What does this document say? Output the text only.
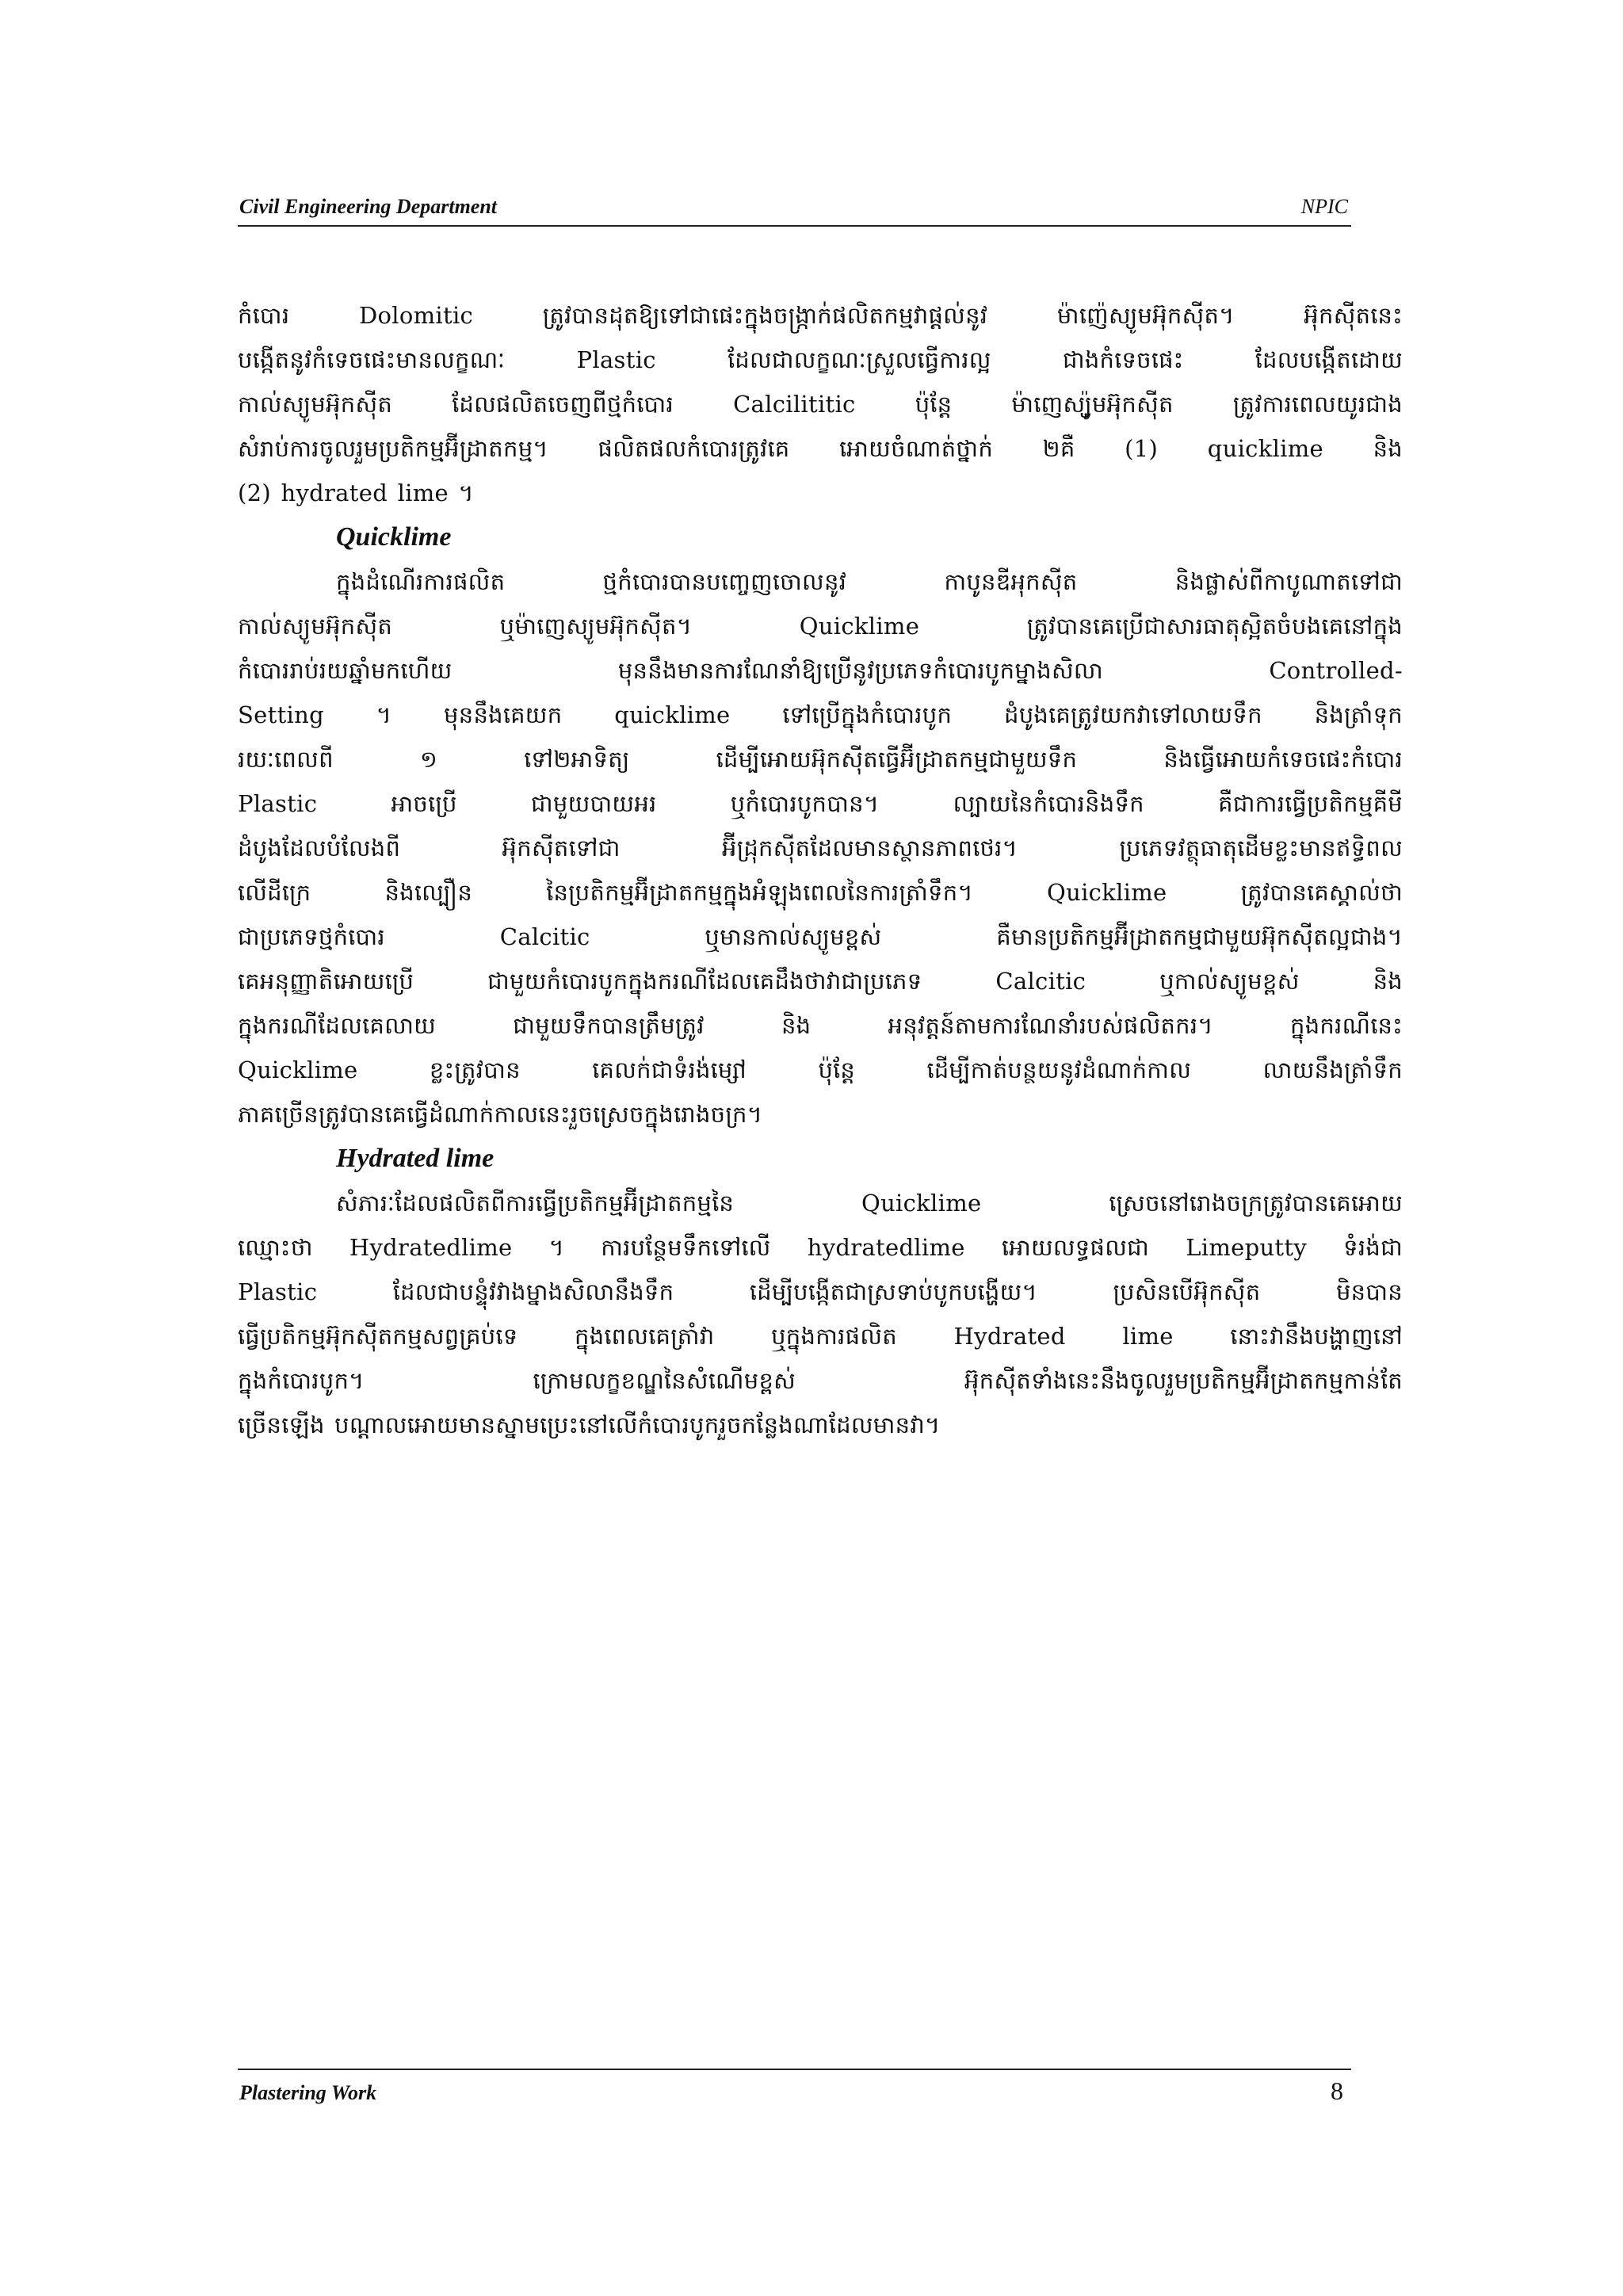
Civil Engineering Department	NPIC
កំបោរ Dolomitic ត្រូវបានដុតឱ្យទៅជាផេះក្នុងចង្ក្រាក់ផលិតកម្មវាផ្តល់នូវ ម៉ាញ៉េស្យូមអ៊ុកស៊ីត។ អ៊ុកស៊ីតនេះ
បង្កើតនូវកំទេចផេះមានលក្ខណៈ Plastic ដែលជាលក្ខណៈស្រួលធ្វើការល្អ ជាងកំទេចផេះ ដែលបង្កើតដោយ
កាល់ស្យូមអ៊ុកស៊ីត ដែលផលិតចេញពីថ្មកំបោរ Calcilititic ប៉ុន្តែ ម៉ាញេស្យ៉ូមអ៊ុកស៊ីត ត្រូវការពេលយូរជាង
សំរាប់ការចូលរួមប្រតិកម្មអ៊ីដ្រាតកម្ម។ ផលិតផលកំបោរត្រូវគេ អោយចំណាត់ថ្នាក់ ២គឺ (1) quicklime និង
(2) hydrated lime ។
Quicklime
ក្នុងដំណើរការផលិត ថ្មកំបោរបានបញ្ចេញចោលនូវ កាបូនឌីអុកស៊ីត និងផ្លាស់ពីកាបូណាតទៅជា
កាល់ស្យូមអ៊ុកស៊ីត ឬម៉ាញេស្យូមអ៊ុកស៊ីត។ Quicklime ត្រូវបានគេប្រើជាសារធាតុស្អិតចំបងគេនៅក្នុង
កំបោររាប់រយឆ្នាំមកហើយ មុននឹងមានការណែនាំឱ្យប្រើនូវប្រភេទកំបោរបូកម្នាងសិលា Controlled-
Setting ។ មុននឹងគេយក quicklime ទៅប្រើក្នុងកំបោរបូក ដំបូងគេត្រូវយកវាទៅលាយទឹក និងត្រាំទុក
រយៈពេលពី ១ ទៅ២អាទិត្យ ដើម្បីអោយអ៊ុកស៊ីតធ្វើអ៊ីដ្រាតកម្មជាមួយទឹក និងធ្វើអោយកំទេចផេះកំបោរ
Plastic អាចប្រើ ជាមួយបាយអរ ឬកំបោរបូកបាន។ ល្បាយនៃកំបោរនិងទឹក គឺជាការធ្វើប្រតិកម្មគីមី
ដំបូងដែលបំលែងពី អ៊ុកស៊ីតទៅជា អ៊ីដ្រុកស៊ីតដែលមានស្ថានភាពថេរ។ ប្រភេទវត្ថុធាតុដើមខ្លះមានឥទ្ធិពល
លើដីក្រេ និងល្បឿន នៃប្រតិកម្មអ៊ីដ្រាតកម្មក្នុងអំឡុងពេលនៃការត្រាំទឹក។ Quicklime ត្រូវបានគេស្គាល់ថា
ជាប្រភេទថ្មកំបោរ Calcitic ឬមានកាល់ស្យូមខ្ពស់ គឺមានប្រតិកម្មអ៊ីដ្រាតកម្មជាមួយអ៊ុកស៊ីតល្អជាង។
គេអនុញ្ញាតិអោយប្រើ ជាមួយកំបោរបូកក្នុងករណីដែលគេដឹងថាវាជាប្រភេទ Calcitic ឬកាល់ស្យូមខ្ពស់ និង
ក្នុងករណីដែលគេលាយ ជាមួយទឹកបានត្រឹមត្រូវ និង អនុវត្តន៍តាមការណែនាំរបស់ផលិតករ។ ក្នុងករណីនេះ
Quicklime ខ្លះត្រូវបាន គេលក់ជាទំរង់ម្សៅ ប៉ុន្តែ ដើម្បីកាត់បន្ថយនូវដំណាក់កាល លាយនឹងត្រាំទឹក
ភាគច្រើនត្រូវបានគេធ្វើដំណាក់កាលនេះរួចស្រេចក្នុងរោងចក្រ។
Hydrated lime
សំភារៈដែលផលិតពីការធ្វើប្រតិកម្មអ៊ីដ្រាតកម្មនៃ Quicklime ស្រេចនៅរោងចក្រត្រូវបានគេអោយ
ឈ្មោះថា Hydratedlime ។ ការបន្ថែមទឹកទៅលើ hydratedlime អោយលទ្ធផលជា Limeputty ទំរង់ជា
Plastic ដែលជាបន្ទុំវវាងម្នាងសិលានឹងទឹក ដើម្បីបង្កើតជាស្រទាប់បូកបង្ហើយ។ ប្រសិនបើអ៊ុកស៊ីត មិនបាន
ធ្វើប្រតិកម្មអ៊ុកស៊ីតកម្មសព្វគ្រប់ទេ ក្នុងពេលគេត្រាំវា ឬក្នុងការផលិត Hydrated lime នោះវានឹងបង្ហាញនៅ
ក្នុងកំបោរបូក។ ក្រោមលក្ខខណ្ឌនៃសំណើមខ្ពស់ អ៊ុកស៊ីតទាំងនេះនឹងចូលរួមប្រតិកម្មអ៊ីដ្រាតកម្មកាន់តែ
ច្រើនឡើង បណ្តាលអោយមានស្នាមប្រេះនៅលើកំបោរបូករួចកន្លែងណាដែលមានវា។
Plastering Work	8
